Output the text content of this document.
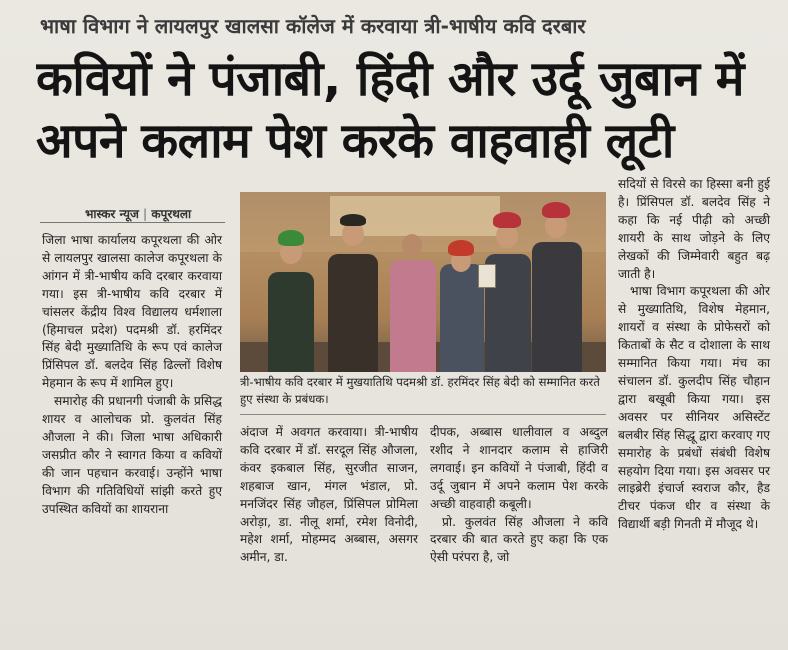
भाषा विभाग ने लायलपुर खालसा कॉलेज में करवाया त्री-भाषीय कवि दरबार
कवियों ने पंजाबी, हिंदी और उर्दू जुबान में
अपने कलाम पेश करके वाहवाही लूटी
भास्कर न्यूज | कपूरथला

जिला भाषा कार्यालय कपूरथला की ओर से लायलपुर खालसा कालेज कपूरथला के आंगन में त्री-भाषीय कवि दरबार करवाया गया। इस त्री-भाषीय कवि दरबार में चांसलर केंद्रीय विश्व विद्यालय धर्मशाला (हिमाचल प्रदेश) पदमश्री डॉ. हरमिंदर सिंह बेदी मुख्यातिथि के रूप एवं कालेज प्रिंसिपल डॉ. बलदेव सिंह ढिल्लों विशेष मेहमान के रूप में शामिल हुए।

समारोह की प्रधानगी पंजाबी के प्रसिद्ध शायर व आलोचक प्रो. कुलवंत सिंह औजला ने की। जिला भाषा अधिकारी जसप्रीत कौर ने स्वागत किया व कवियों की जान पहचान करवाई। उन्होंने भाषा विभाग की गतिविधियों सांझी करते हुए उपस्थित कवियों का शायराना

त्री-भाषीय कवि दरबार में मुखयातिथि पदमश्री डॉ. हरमिंदर सिंह बेदी को सम्मानित करते हुए संस्था के प्रबंधक।

अंदाज में अवगत करवाया। त्री-भाषीय कवि दरबार में डॉ. सरदूल सिंह औजला, कंवर इकबाल सिंह, सुरजीत साजन, शहबाज खान, मंगल भंडाल, प्रो. मनजिंदर सिंह जौहल, प्रिंसिपल प्रोमिला अरोड़ा, डा. नीलू शर्मा, रमेश विनोदी, महेश शर्मा, मोहम्मद अब्बास, असगर अमीन, डा.

दीपक, अब्बास धालीवाल व अब्दुल रशीद ने शानदार कलाम से हाजिरी लगवाई। इन कवियों ने पंजाबी, हिंदी व उर्दू जुबान में अपने कलाम पेश करके अच्छी वाहवाही कबूली।

प्रो. कुलवंत सिंह औजला ने कवि दरबार की बात करते हुए कहा कि एक ऐसी परंपरा है, जो

सदियों से विरसे का हिस्सा बनी हुई है। प्रिंसिपल डॉ. बलदेव सिंह ने कहा कि नई पीढ़ी को अच्छी शायरी के साथ जोड़ने के लिए लेखकों की जिम्मेवारी बहुत बढ़ जाती है।

भाषा विभाग कपूरथला की ओर से मुख्यातिथि, विशेष मेहमान, शायरों व संस्था के प्रोफेसरों को किताबों के सैट व दोशाला के साथ सम्मानित किया गया। मंच का संचालन डॉ. कुलदीप सिंह चौहान द्वारा बखूबी किया गया। इस अवसर पर सीनियर असिस्टेंट बलबीर सिंह सिद्धू द्वारा करवाए गए समारोह के प्रबंधों संबंधी विशेष सहयोग दिया गया। इस अवसर पर लाइब्रेरी इंचार्ज स्वराज कौर, हैड टीचर पंकज धीर व संस्था के विद्यार्थी बड़ी गिनती में मौजूद थे।
